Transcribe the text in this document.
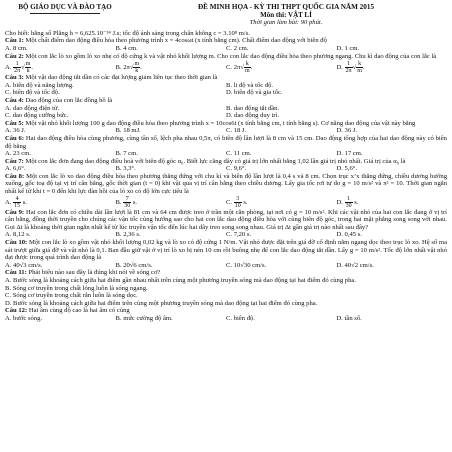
BỘ GIÁO DỤC VÀ ĐÀO TẠO	ĐỀ MINH HỌA - KỲ THI THPT QUỐC GIA NĂM 2015
Môn thi: VẬT LÍ
Thời gian làm bài: 90 phút.

Cho biết: hằng số Plăng h = 6,625.10⁻³⁴ J.s; tốc độ ánh sáng trong chân không c = 3.10⁸ m/s.

Câu 1: Một chất điểm dao động điều hòa theo phương trình x = 4cosωt (x tính bằng cm). Chất điểm dao động với biên độ

A. 8 cm.	B. 4 cm.	C. 2 cm.	D. 1 cm.

Câu 2: Một con lắc lò xo gồm lò xo nhẹ có độ cứng k và vật nhỏ khối lượng m. Cho con lắc dao động điều hòa theo phương ngang. Chu kì dao động của con lắc là

A. $\frac{1}{2\pi}$ √ $\frac{m}{k}$ .	B. $2\pi√ \frac{m}{k}$ .	C. $2\pi√ \frac{k}{m}$ .	D. $\frac{1}{2\pi}$ √ $\frac{k}{m}$ .

Câu 3: Một vật dao động tắt dần có các đại lượng giảm liên tục theo thời gian là

A. biên độ và năng lượng.	B. li độ và tốc độ.
C. biên độ và tốc độ.	D. biên độ và gia tốc.

Câu 4: Dao động của con lắc đồng hồ là

A. dao động điện từ.	B. dao động tắt dần.
C. dao động cưỡng bức.	D. dao động duy trì.

Câu 5: Một vật nhỏ khối lượng 100 g dao động điều hòa theo phương trình x = 10cos6t (x tính bằng cm, t tính bằng s). Cơ năng dao động của vật này bằng

A. 36 J.	B. 18 mJ.	C. 18 J.	D. 36 J.

Câu 6: Hai dao động điều hòa cùng phương, cùng tần số, lệch pha nhau 0,5π, có biên độ lần lượt là 8 cm và 15 cm. Dao động tổng hợp của hai dao động này có biên độ bằng

A. 23 cm.	B. 7 cm.	C. 11 cm.	D. 17 cm.

Câu 7: Một con lắc đơn đang dao động điều hoà với biên độ góc α₀. Biết lực căng dây có giá trị lớn nhất bằng 1,02 lần giá trị nhỏ nhất. Giá trị của α₀ là

A. 6,6°.	B. 3,3°.	C. 9,6°.	D. 5,6°.

Câu 8: Một con lắc lò xo dao động điều hòa theo phương thẳng đứng với chu kì và biên độ lần lượt là 0,4 s và 8 cm. Chọn trục x’x thẳng đứng, chiều dương hướng xuống, gốc toạ độ tại vị trí cân bằng, gốc thời gian (t = 0) khi vật qua vị trí cân bằng theo chiều dương. Lấy gia tốc rơi tự do g = 10 m/s² và π² = 10. Thời gian ngắn nhất kể từ khi t = 0 đến khi lực đàn hồi của lò xo có độ lớn cực tiểu là

A. $\frac{4}{15} s$.	B. $\frac{7}{30} s$.	C. $\frac{3}{10} s$.	D. $\frac{1}{30} s$.

Câu 9: Hai con lắc đơn có chiều dài lần lượt là 81 cm và 64 cm được treo ở trần một căn phòng, tại nơi có g = 10 m/s². Khi các vật nhỏ của hai con lắc đang ở vị trí cân bằng, đồng thời truyền cho chúng các vận tốc cùng hướng sao cho hai con lắc dao động điều hòa với cùng biên độ góc, trong hai mặt phẳng song song với nhau. Gọi Δt là khoảng thời gian ngắn nhất kể từ lúc truyền vận tốc đến lúc hai dây treo song song nhau. Giá trị Δt gần giá trị nào nhất sau đây?

A. 8,12 s.	B. 2,36 s.	C. 7,20 s.	D. 0,45 s.

Câu 10: Một con lắc lò xo gồm vật nhỏ khối lượng 0,02 kg và lò xo có độ cứng 1 N/m. Vật nhỏ được đặt trên giá đỡ cố định nằm ngang dọc theo trục lò xo. Hệ số ma sát trượt giữa giá đỡ và vật nhỏ là 0,1. Ban đầu giữ vật ở vị trí lò xo bị nén 10 cm rồi buông nhẹ để con lắc dao động tắt dần. Lấy g = 10 m/s². Tốc độ lớn nhất vật nhỏ đạt được trong quá trình dao động là

A. 40√3 cm/s.	B. 20√6 cm/s.	C. 10√30 cm/s.	D. 40√2 cm/s.

Câu 11: Phát biểu nào sau đây là đúng khi nói về sóng cơ?

A. Bước sóng là khoảng cách giữa hai điểm gần nhau nhất trên cùng một phương truyền sóng mà dao động tại hai điểm đó cùng pha.

B. Sóng cơ truyền trong chất lỏng luôn là sóng ngang.

C. Sóng cơ truyền trong chất rắn luôn là sóng dọc.

D. Bước sóng là khoảng cách giữa hai điểm trên cùng một phương truyền sóng mà dao động tại hai điểm đó cùng pha.

Câu 12: Hai âm cùng độ cao là hai âm có cùng

A. bước sóng.	B. mức cường độ âm.	C. biên độ.	D. tần số.
